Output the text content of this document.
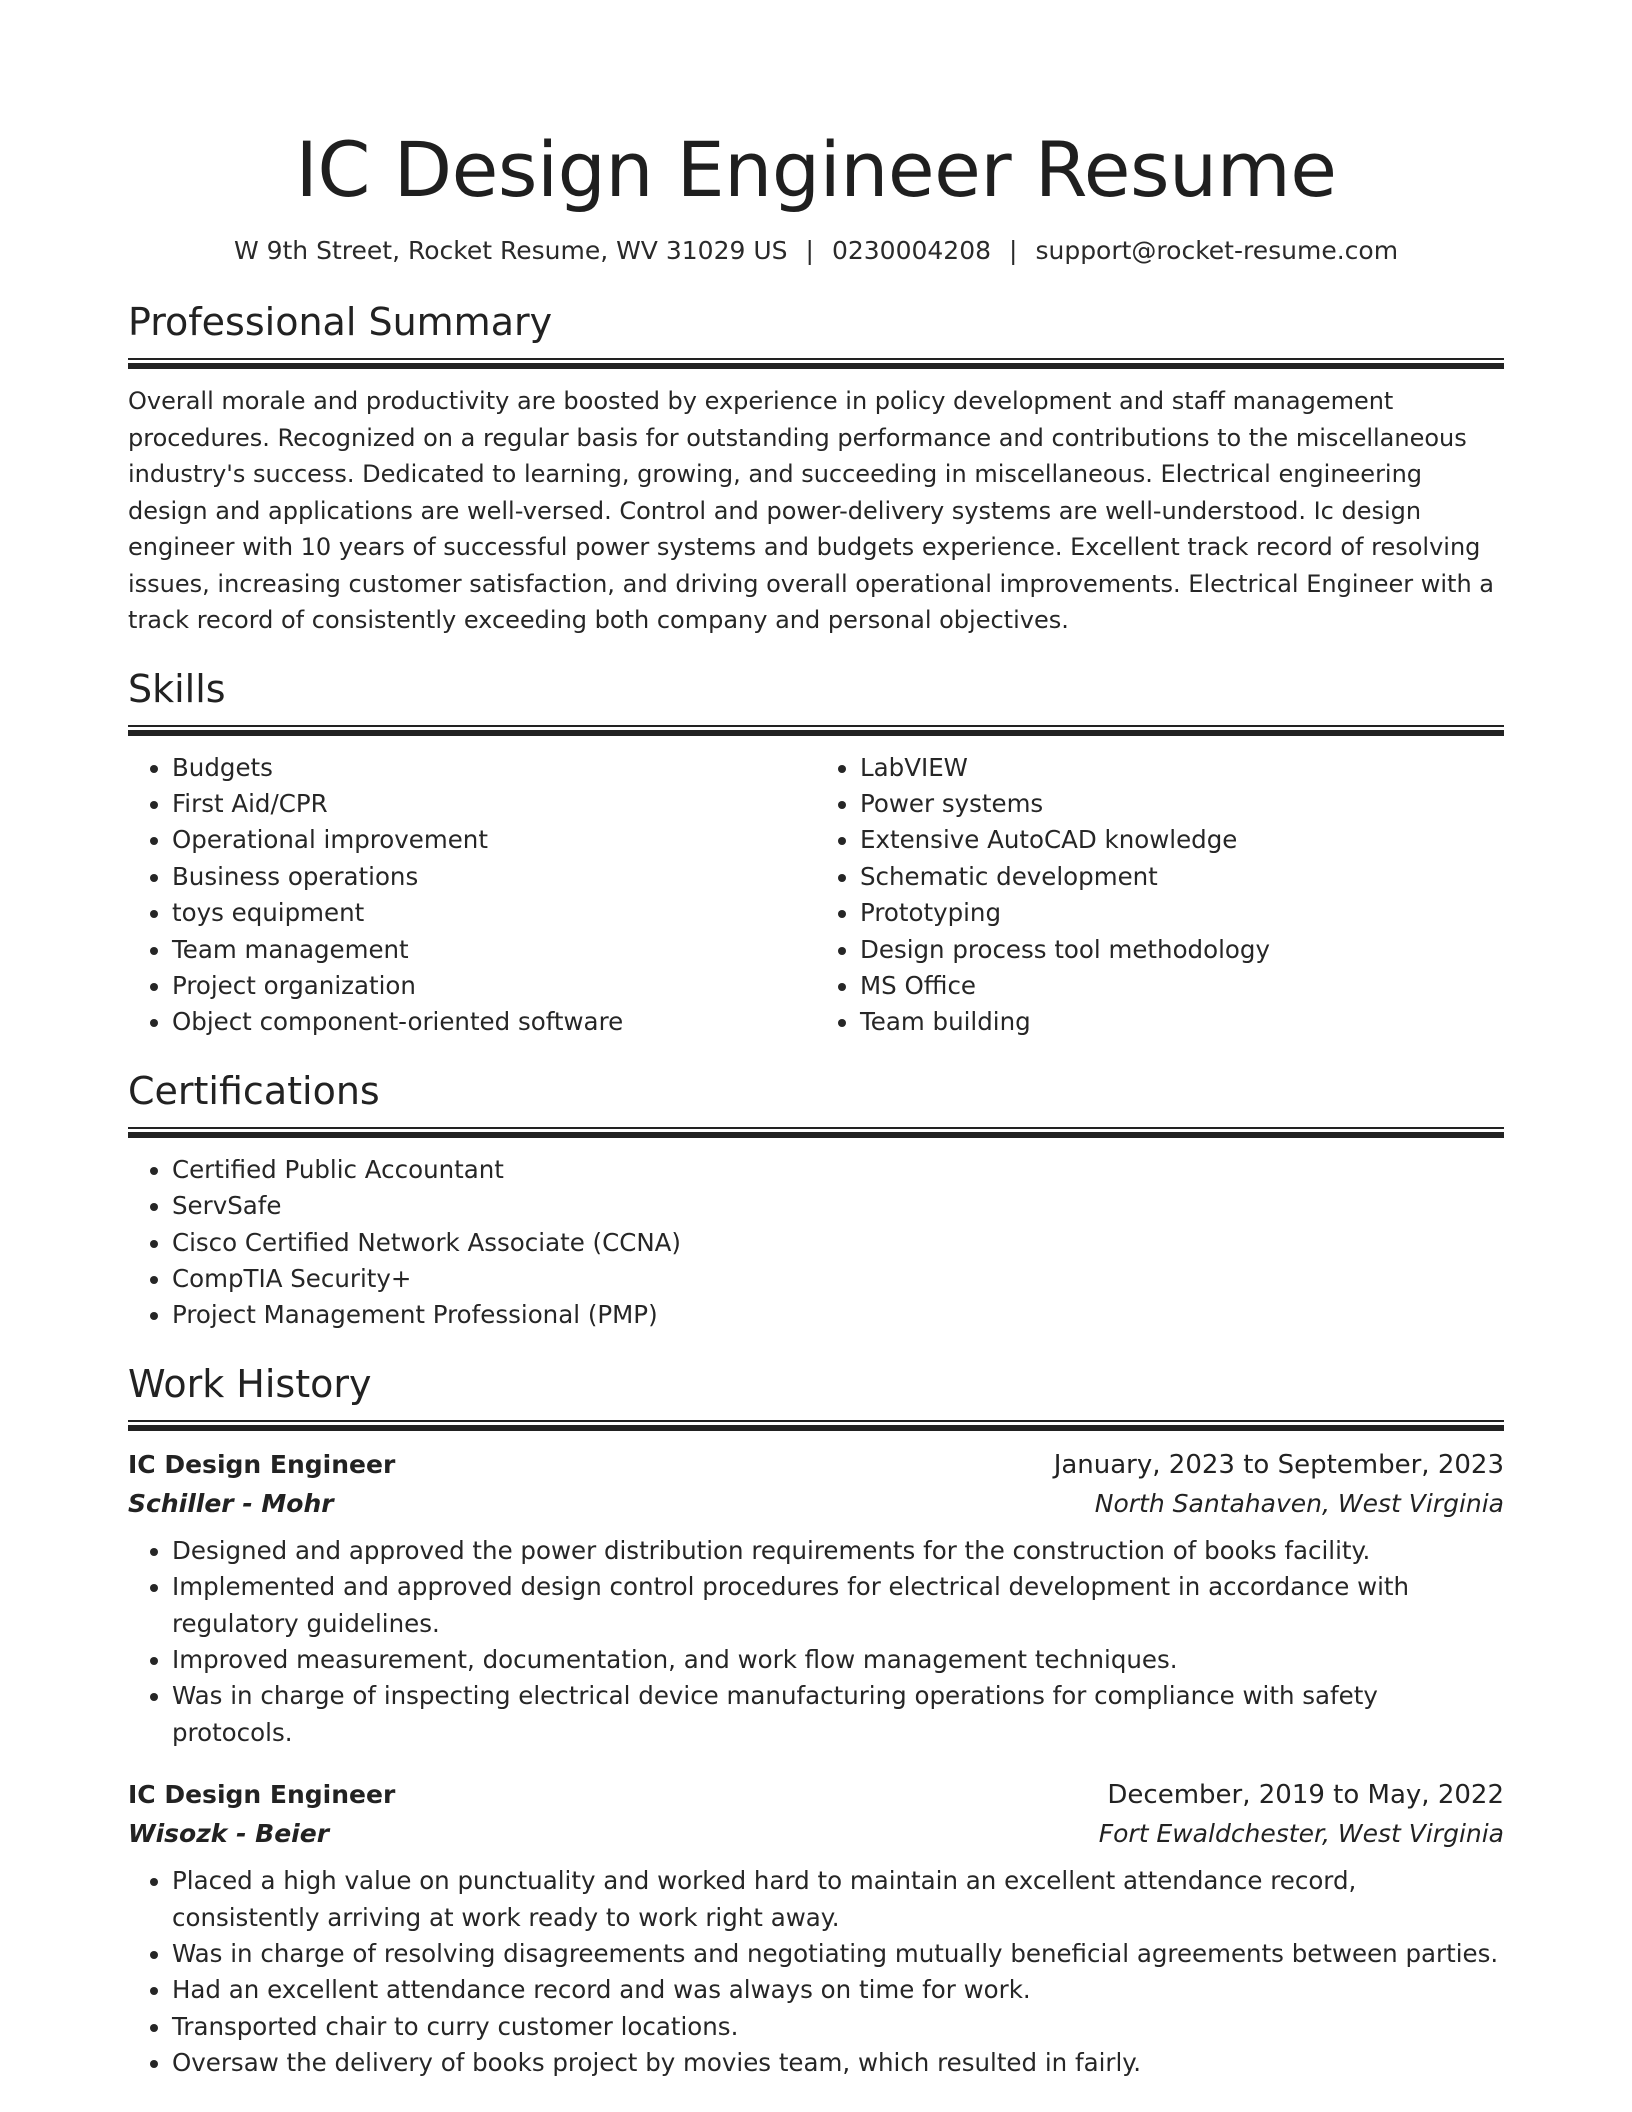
IC Design Engineer Resume
W 9th Street, Rocket Resume, WV 31029 US | 0230004208 | support@rocket-resume.com
Professional Summary

Overall morale and productivity are boosted by experience in policy development and staff management procedures. Recognized on a regular basis for outstanding performance and contributions to the miscellaneous industry's success. Dedicated to learning, growing, and succeeding in miscellaneous. Electrical engineering design and applications are well-versed. Control and power-delivery systems are well-understood. Ic design engineer with 10 years of successful power systems and budgets experience. Excellent track record of resolving issues, increasing customer satisfaction, and driving overall operational improvements. Electrical Engineer with a track record of consistently exceeding both company and personal objectives.

Skills
• Budgets
• First Aid/CPR
• Operational improvement
• Business operations
• toys equipment
• Team management
• Project organization
• Object component-oriented software
• LabVIEW
• Power systems
• Extensive AutoCAD knowledge
• Schematic development
• Prototyping
• Design process tool methodology
• MS Office
• Team building
Certifications
• Certified Public Accountant
• ServSafe
• Cisco Certified Network Associate (CCNA)
• CompTIA Security+
• Project Management Professional (PMP)
Work History
IC Design Engineer	January, 2023 to September, 2023
Schiller - Mohr	North Santahaven, West Virginia
• Designed and approved the power distribution requirements for the construction of books facility.
• Implemented and approved design control procedures for electrical development in accordance with regulatory guidelines.
• Improved measurement, documentation, and work flow management techniques.
• Was in charge of inspecting electrical device manufacturing operations for compliance with safety protocols.
IC Design Engineer	December, 2019 to May, 2022
Wisozk - Beier	Fort Ewaldchester, West Virginia
• Placed a high value on punctuality and worked hard to maintain an excellent attendance record, consistently arriving at work ready to work right away.
• Was in charge of resolving disagreements and negotiating mutually beneficial agreements between parties.
• Had an excellent attendance record and was always on time for work.
• Transported chair to curry customer locations.
• Oversaw the delivery of books project by movies team, which resulted in fairly.
